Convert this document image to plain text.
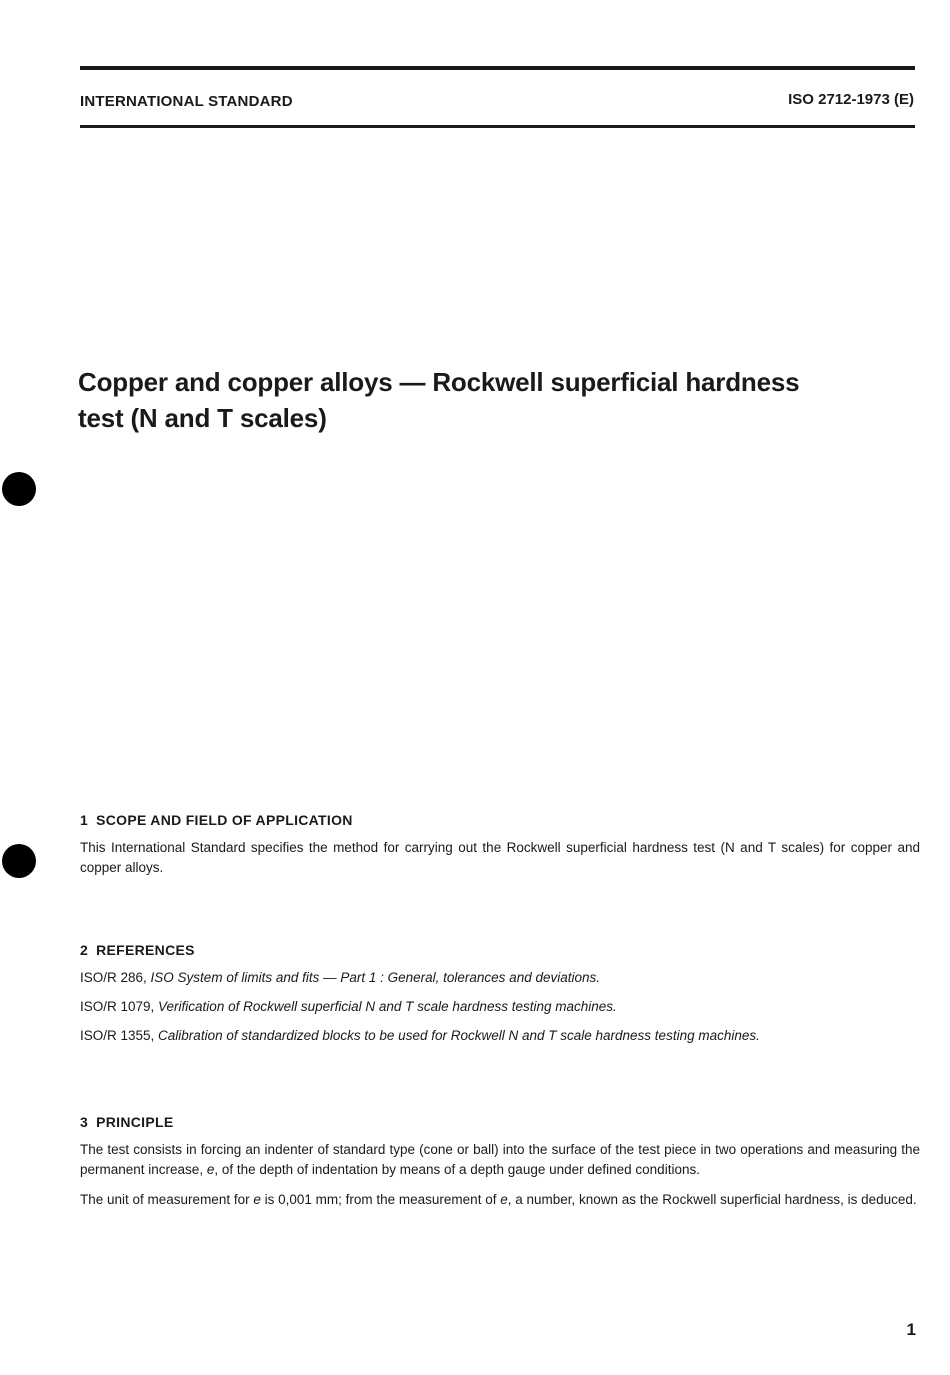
INTERNATIONAL STANDARD	ISO 2712-1973 (E)
Copper and copper alloys — Rockwell superficial hardness
test (N and T scales)
1 SCOPE AND FIELD OF APPLICATION

This International Standard specifies the method for carrying out the Rockwell superficial hardness test (N and T scales) for copper and copper alloys.

2 REFERENCES

ISO/R 286, ISO System of limits and fits — Part 1 : General, tolerances and deviations.

ISO/R 1079, Verification of Rockwell superficial N and T scale hardness testing machines.

ISO/R 1355, Calibration of standardized blocks to be used for Rockwell N and T scale hardness testing machines.

3 PRINCIPLE

The test consists in forcing an indenter of standard type (cone or ball) into the surface of the test piece in two operations and measuring the permanent increase, e, of the depth of indentation by means of a depth gauge under defined conditions.

The unit of measurement for e is 0,001 mm; from the measurement of e, a number, known as the Rockwell superficial hardness, is deduced.

1
